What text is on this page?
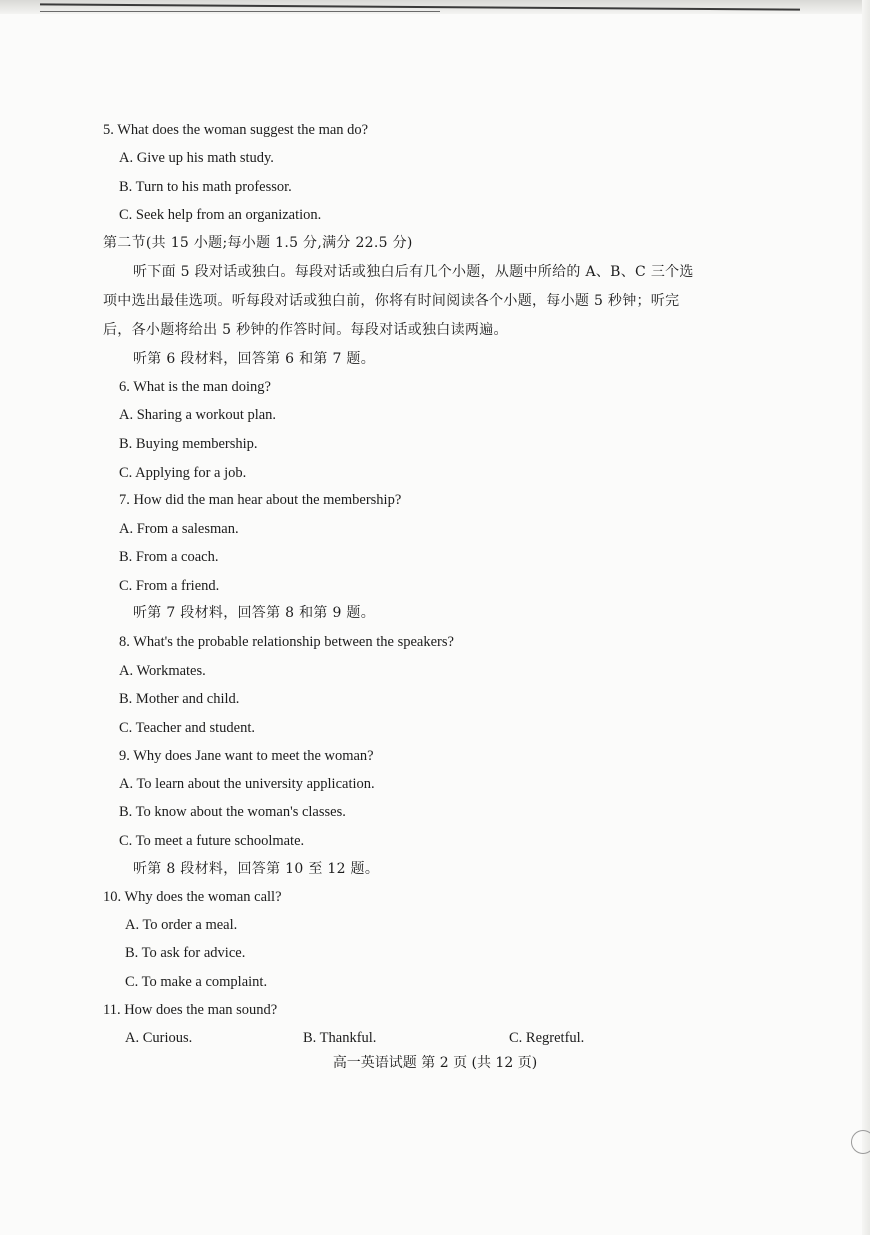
5. What does the woman suggest the man do?
A. Give up his math study.
B. Turn to his math professor.
C. Seek help from an organization.
第二节(共 15 小题;每小题 1.5 分,满分 22.5 分)
听下面 5 段对话或独白。每段对话或独白后有几个小题，从题中所给的 A、B、C 三个选
项中选出最佳选项。听每段对话或独白前，你将有时间阅读各个小题，每小题 5 秒钟；听完
后，各小题将给出 5 秒钟的作答时间。每段对话或独白读两遍。
听第 6 段材料，回答第 6 和第 7 题。
6. What is the man doing?
A. Sharing a workout plan.
B. Buying membership.
C. Applying for a job.
7. How did the man hear about the membership?
A. From a salesman.
B. From a coach.
C. From a friend.
听第 7 段材料，回答第 8 和第 9 题。
8. What's the probable relationship between the speakers?
A. Workmates.
B. Mother and child.
C. Teacher and student.
9. Why does Jane want to meet the woman?
A. To learn about the university application.
B. To know about the woman's classes.
C. To meet a future schoolmate.
听第 8 段材料，回答第 10 至 12 题。
10. Why does the woman call?
A. To order a meal.
B. To ask for advice.
C. To make a complaint.
11. How does the man sound?
A. Curious.	B. Thankful.	C. Regretful.
高一英语试题 第 2 页 (共 12 页)
